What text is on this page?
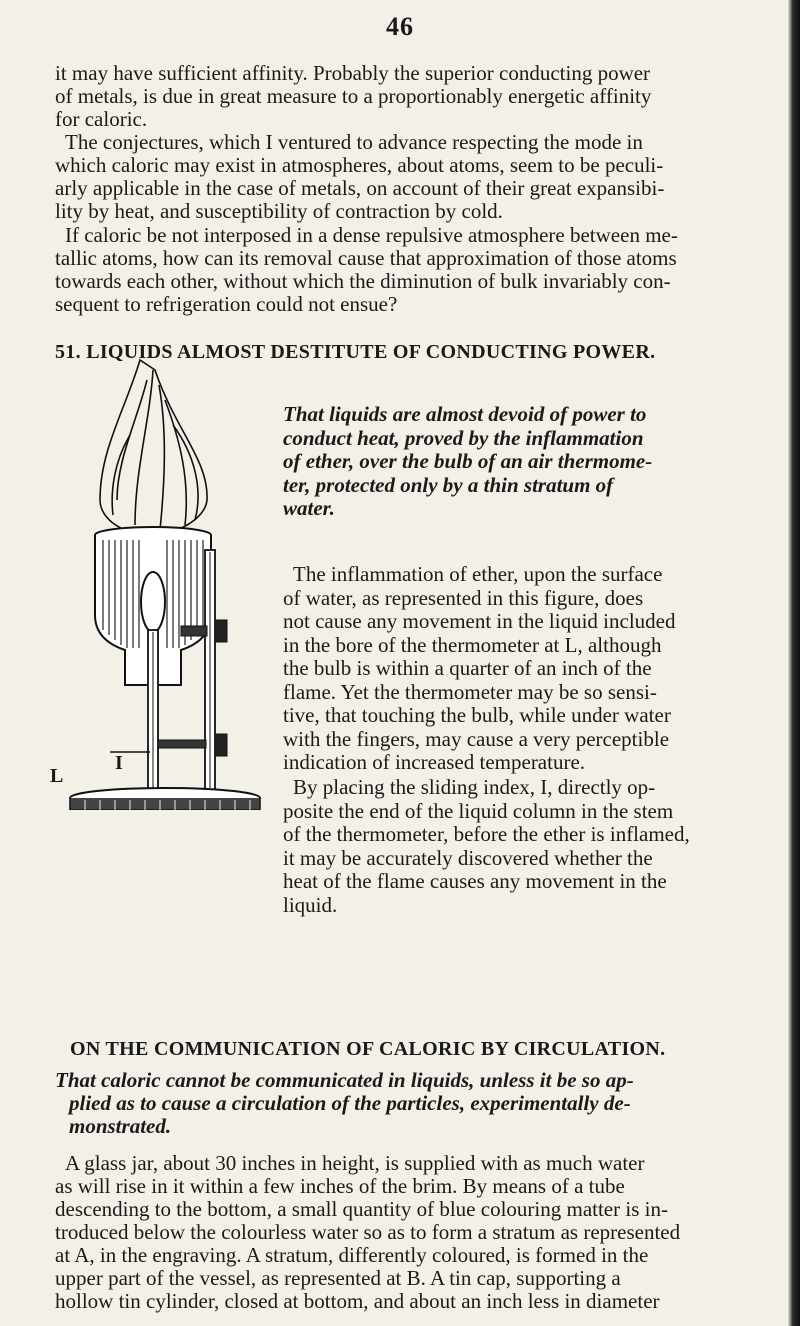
46
it may have sufficient affinity. Probably the superior conducting power
of metals, is due in great measure to a proportionably energetic affinity
for caloric.
The conjectures, which I ventured to advance respecting the mode in
which caloric may exist in atmospheres, about atoms, seem to be peculi-
arly applicable in the case of metals, on account of their great expansibi-
lity by heat, and susceptibility of contraction by cold.
If caloric be not interposed in a dense repulsive atmosphere between me-
tallic atoms, how can its removal cause that approximation of those atoms
towards each other, without which the diminution of bulk invariably con-
sequent to refrigeration could not ensue?
51. LIQUIDS ALMOST DESTITUTE OF CONDUCTING POWER.
L
I
That liquids are almost devoid of power to
conduct heat, proved by the inflammation
of ether, over the bulb of an air thermome-
ter, protected only by a thin stratum of
water.
The inflammation of ether, upon the surface
of water, as represented in this figure, does
not cause any movement in the liquid included
in the bore of the thermometer at L, although
the bulb is within a quarter of an inch of the
flame. Yet the thermometer may be so sensi-
tive, that touching the bulb, while under water
with the fingers, may cause a very perceptible
indication of increased temperature.
By placing the sliding index, I, directly op-
posite the end of the liquid column in the stem
of the thermometer, before the ether is inflamed,
it may be accurately discovered whether the
heat of the flame causes any movement in the
liquid.
ON THE COMMUNICATION OF CALORIC BY CIRCULATION.
That caloric cannot be communicated in liquids, unless it be so ap-
plied as to cause a circulation of the particles, experimentally de-
monstrated.
A glass jar, about 30 inches in height, is supplied with as much water
as will rise in it within a few inches of the brim. By means of a tube
descending to the bottom, a small quantity of blue colouring matter is in-
troduced below the colourless water so as to form a stratum as represented
at A, in the engraving. A stratum, differently coloured, is formed in the
upper part of the vessel, as represented at B. A tin cap, supporting a
hollow tin cylinder, closed at bottom, and about an inch less in diameter
